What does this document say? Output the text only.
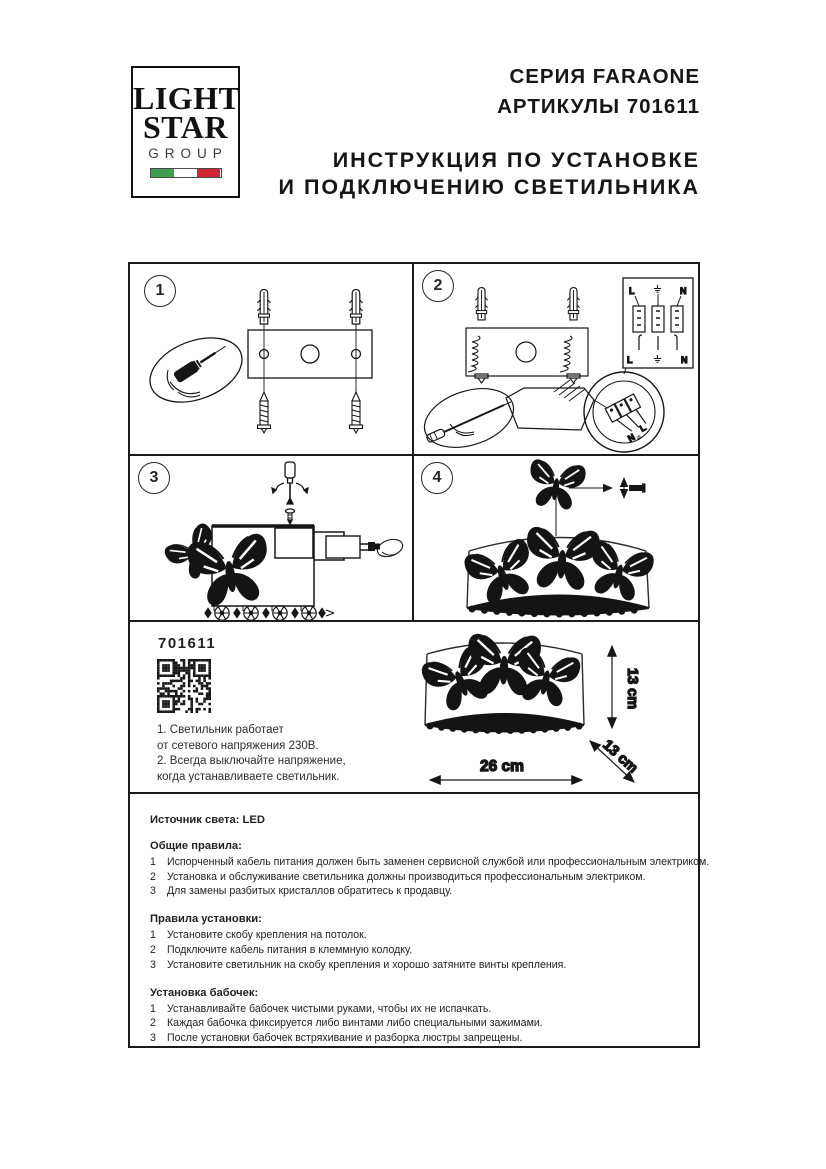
LIGHT
STAR
GROUP
СЕРИЯ FARAONE
АРТИКУЛЫ 701611
ИНСТРУКЦИЯ ПО УСТАНОВКЕ
И ПОДКЛЮЧЕНИЮ СВЕТИЛЬНИКА
1	2
N
L
L	N
L	N
3	4
701611
1. Светильник работает
от сетевого напряжения 230В.
2. Всегда выключайте напряжение,
когда устанавливаете светильник.
13 cm
13 cm
26 cm
Источник света: LED
Общие правила:
1	Испорченный кабель питания должен быть заменен сервисной службой или профессиональным электриком.
2	Установка и обслуживание светильника должны производиться профессиональным электриком.
3	Для замены разбитых кристаллов обратитесь к продавцу.
Правила установки:
1	Установите скобу крепления на потолок.
2	Подключите кабель питания в клеммную колодку.
3	Установите светильник на скобу крепления и хорошо затяните винты крепления.
Установка бабочек:
1	Устанавливайте бабочек чистыми руками, чтобы их не испачкать.
2	Каждая бабочка фиксируется либо винтами либо специальными зажимами.
3	После установки бабочек встряхивание и разборка люстры запрещены.
